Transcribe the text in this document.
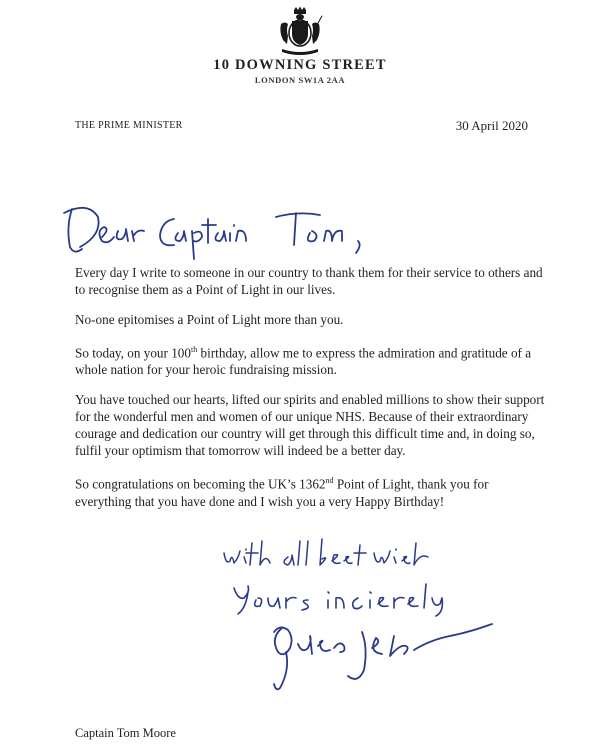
10 DOWNING STREET
LONDON SW1A 2AA
THE PRIME MINISTER	30 April 2020

Every day I write to someone in our country to thank them for their service to others and to recognise them as a Point of Light in our lives.

No-one epitomises a Point of Light more than you.

So today, on your 100th birthday, allow me to express the admiration and gratitude of a whole nation for your heroic fundraising mission.

You have touched our hearts, lifted our spirits and enabled millions to show their support for the wonderful men and women of our unique NHS. Because of their extraordinary courage and dedication our country will get through this difficult time and, in doing so, fulfil your optimism that tomorrow will indeed be a better day.

So congratulations on becoming the UK’s 1362nd Point of Light, thank you for everything that you have done and I wish you a very Happy Birthday!

Captain Tom Moore
